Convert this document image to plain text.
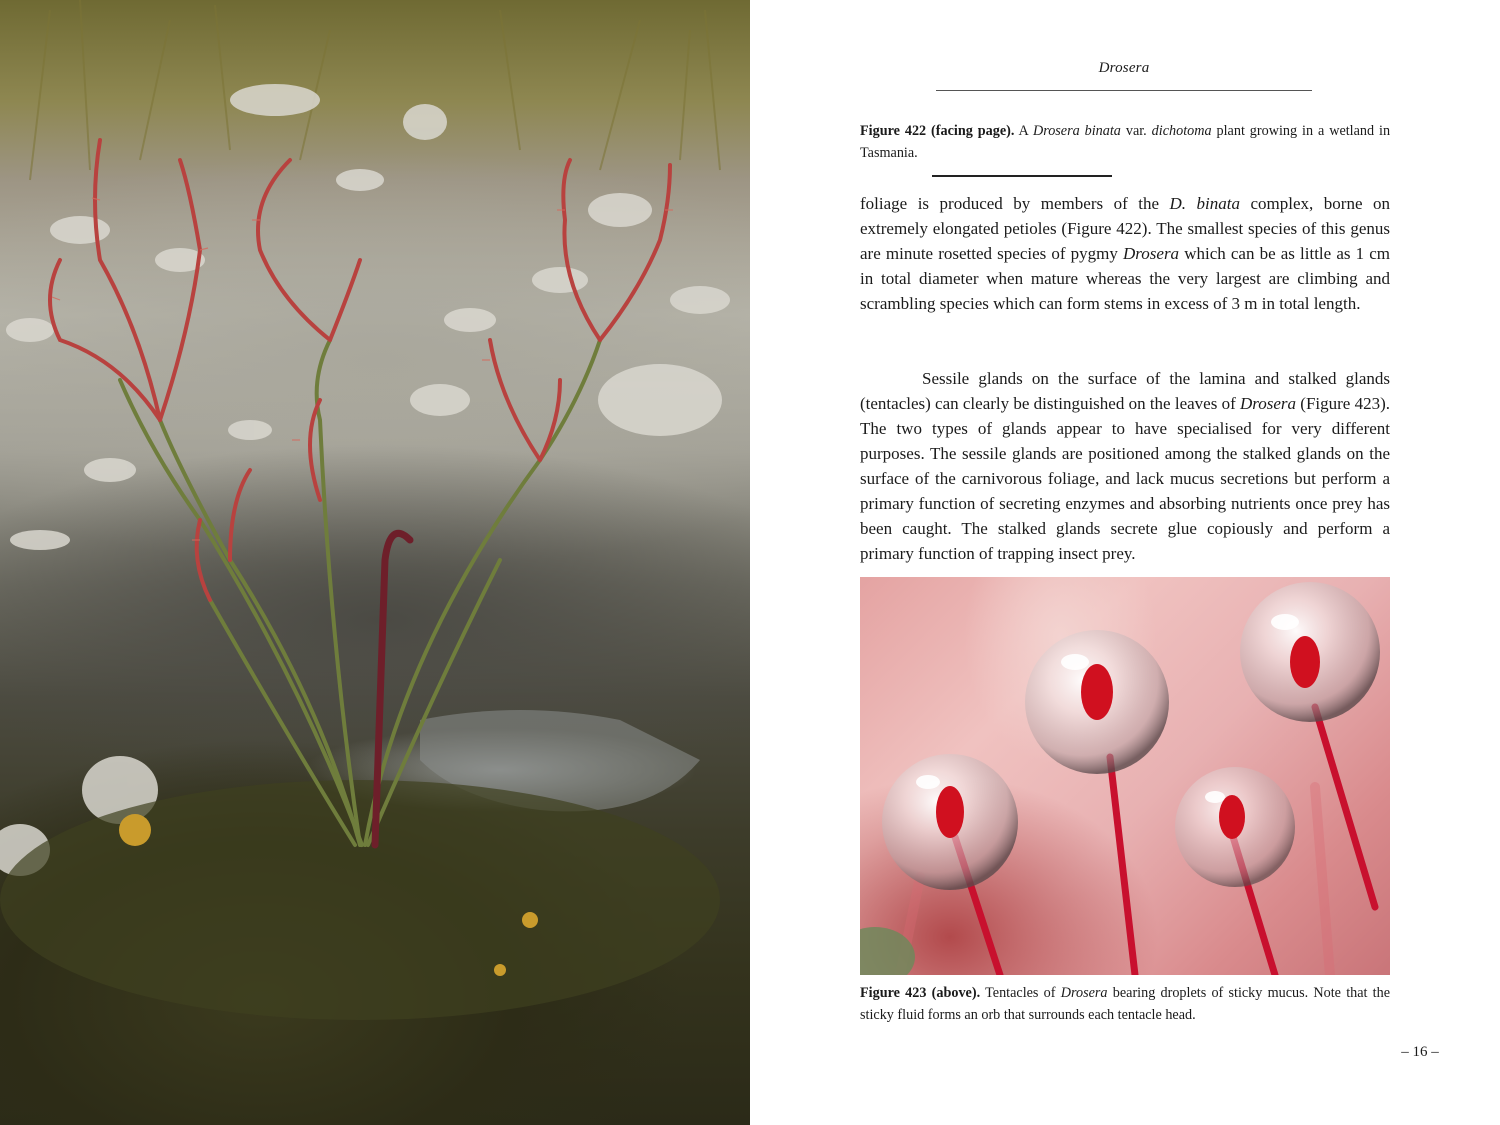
Drosera
Figure 422 (facing page). A Drosera binata var. dichotoma plant growing in a wetland in Tasmania.

foliage is produced by members of the D. binata complex, borne on extremely elongated petioles (Figure 422). The smallest species of this genus are minute rosetted species of pygmy Drosera which can be as little as 1 cm in total diameter when mature whereas the very largest are climbing and scrambling species which can form stems in excess of 3 m in total length.

Sessile glands on the surface of the lamina and stalked glands (tentacles) can clearly be distinguished on the leaves of Drosera (Figure 423). The two types of glands appear to have specialised for very different purposes. The sessile glands are positioned among the stalked glands on the surface of the carnivorous foliage, and lack mucus secretions but perform a primary function of secreting enzymes and absorbing nutrients once prey has been caught. The stalked glands secrete glue copiously and perform a primary function of trapping insect prey.

Figure 423 (above). Tentacles of Drosera bearing droplets of sticky mucus. Note that the sticky fluid forms an orb that surrounds each tentacle head.
– 16 –
